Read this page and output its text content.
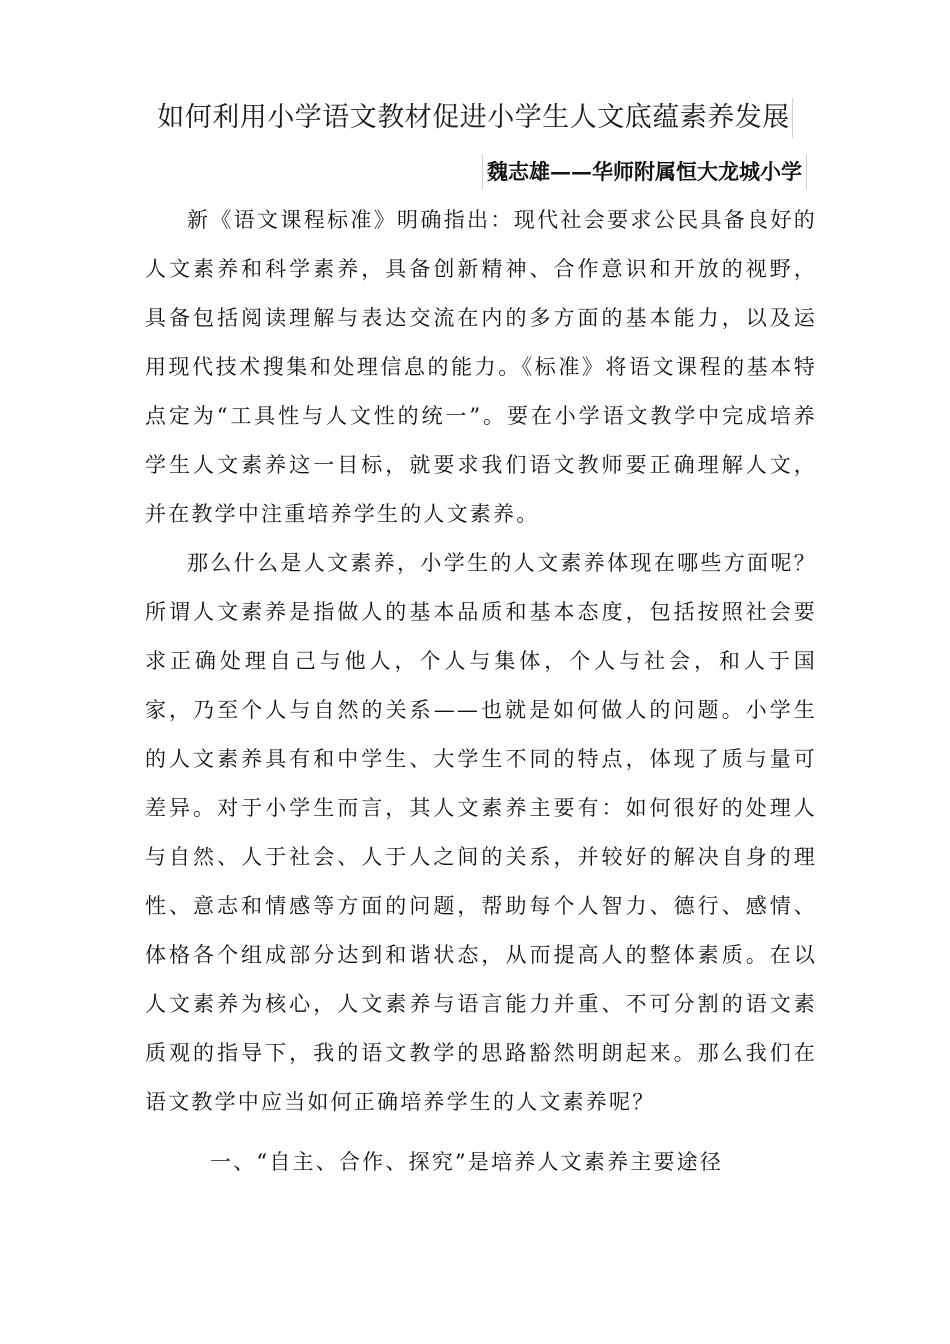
如何利用小学语文教材促进小学生人文底蕴素养发展
魏志雄——华师附属恒大龙城小学

新《语文课程标准》明确指出：现代社会要求公民具备良好的人文素养和科学素养，具备创新精神、合作意识和开放的视野，具备包括阅读理解与表达交流在内的多方面的基本能力，以及运用现代技术搜集和处理信息的能力。《标准》将语文课程的基本特点定为“工具性与人文性的统一”。要在小学语文教学中完成培养学生人文素养这一目标，就要求我们语文教师要正确理解人文，并在教学中注重培养学生的人文素养。

那么什么是人文素养，小学生的人文素养体现在哪些方面呢？所谓人文素养是指做人的基本品质和基本态度，包括按照社会要求正确处理自己与他人，个人与集体，个人与社会，和人于国家，乃至个人与自然的关系——也就是如何做人的问题。小学生的人文素养具有和中学生、大学生不同的特点，体现了质与量可差异。对于小学生而言，其人文素养主要有：如何很好的处理人与自然、人于社会、人于人之间的关系，并较好的解决自身的理性、意志和情感等方面的问题，帮助每个人智力、德行、感情、体格各个组成部分达到和谐状态，从而提高人的整体素质。在以人文素养为核心，人文素养与语言能力并重、不可分割的语文素质观的指导下，我的语文教学的思路豁然明朗起来。那么我们在语文教学中应当如何正确培养学生的人文素养呢？

一、“自主、合作、探究”是培养人文素养主要途径
